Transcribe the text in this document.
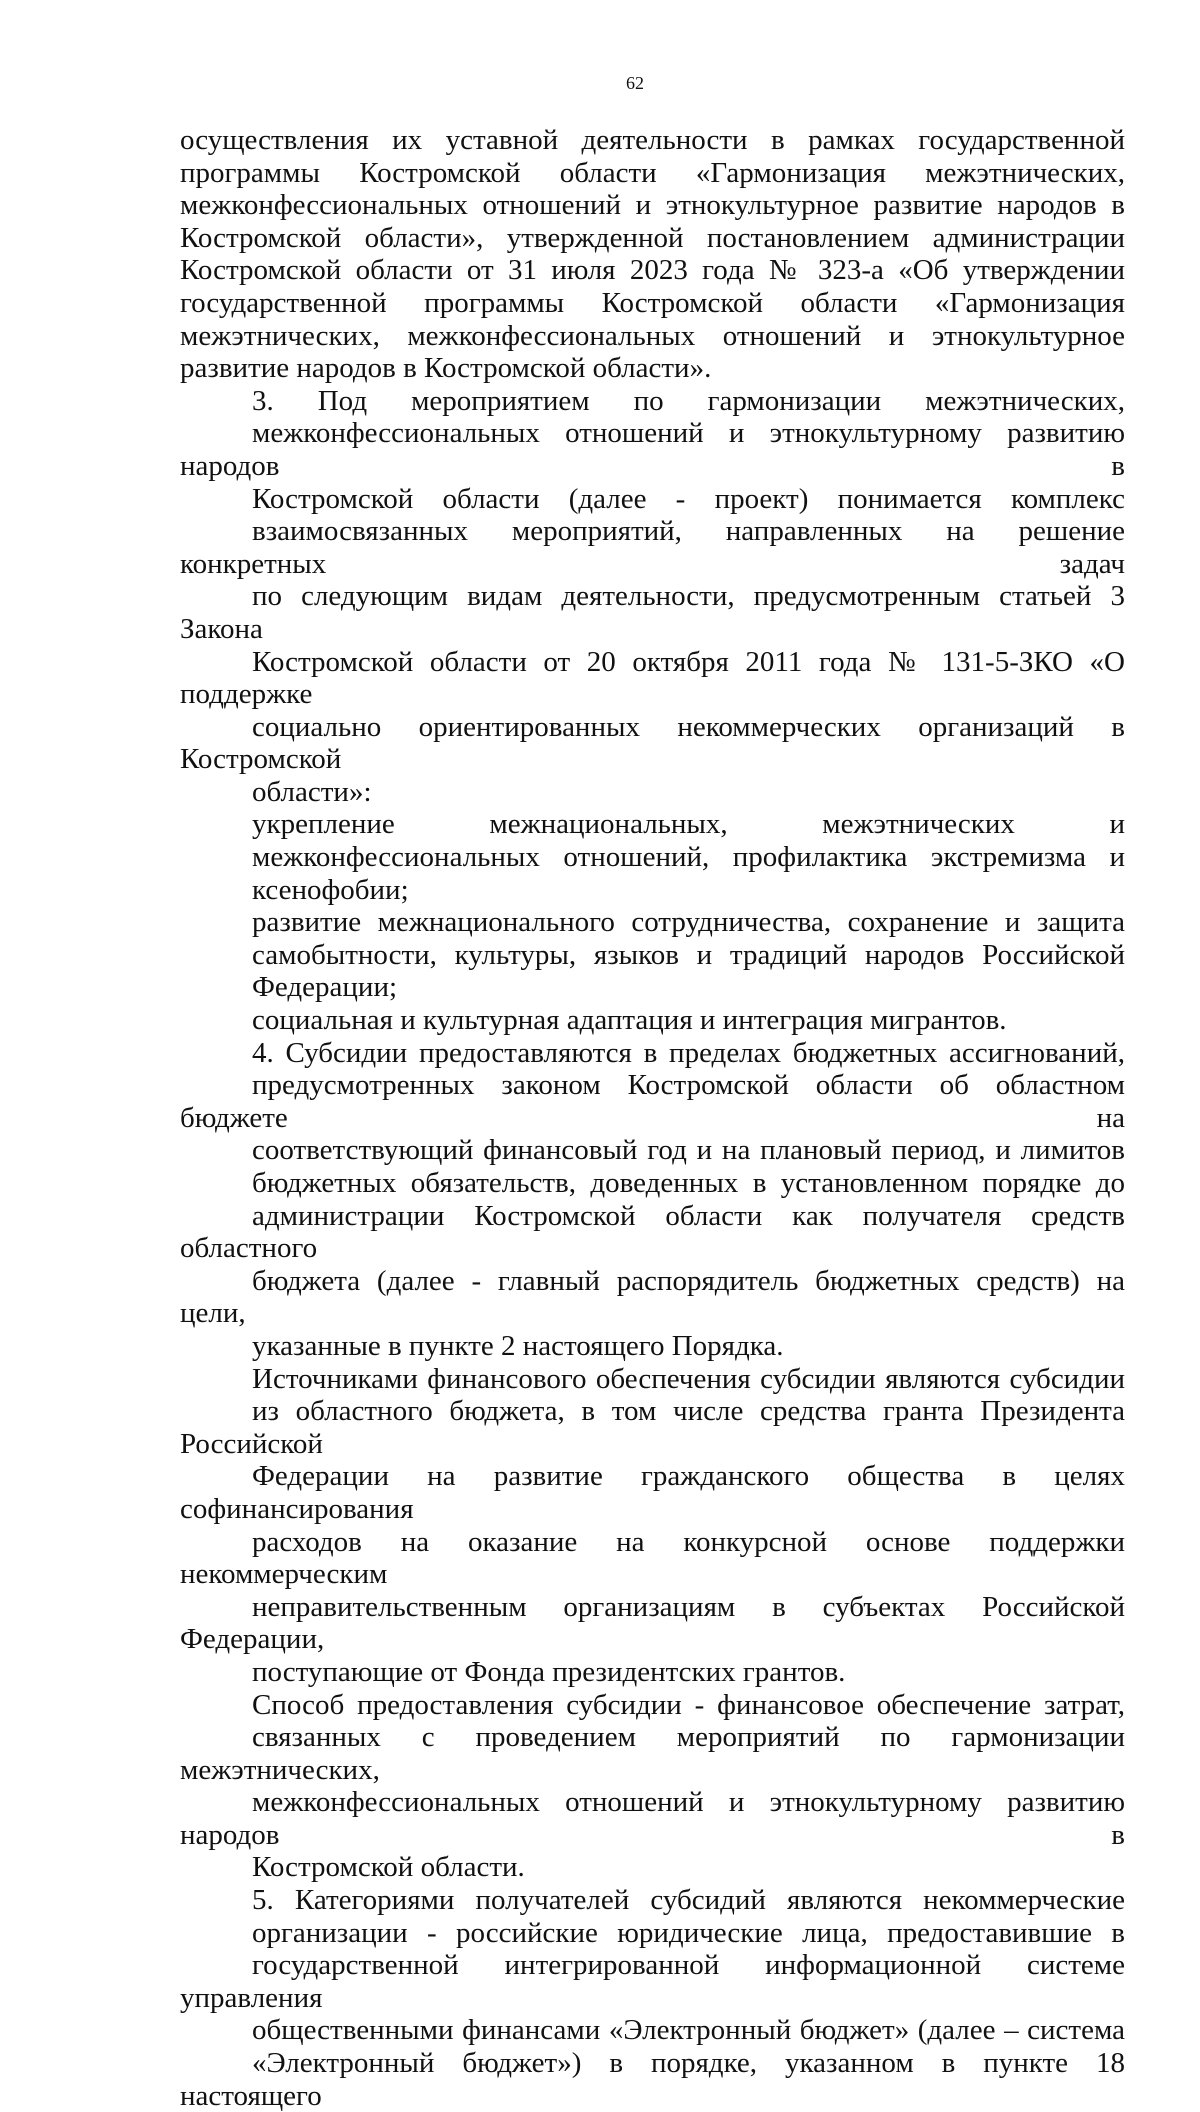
62
осуществления их уставной деятельности в рамках государственной
программы Костромской области «Гармонизация межэтнических,
межконфессиональных отношений и этнокультурное развитие народов в
Костромской области», утвержденной постановлением администрации
Костромской области от 31 июля 2023 года № 323-а «Об утверждении
государственной программы Костромской области «Гармонизация
межэтнических, межконфессиональных отношений и этнокультурное
развитие народов в Костромской области».
3. Под мероприятием по гармонизации межэтнических,
межконфессиональных отношений и этнокультурному развитию народов в
Костромской области (далее - проект) понимается комплекс
взаимосвязанных мероприятий, направленных на решение конкретных задач
по следующим видам деятельности, предусмотренным статьей 3 Закона
Костромской области от 20 октября 2011 года № 131-5-ЗКО «О поддержке
социально ориентированных некоммерческих организаций в Костромской
области»:
укрепление межнациональных, межэтнических и
межконфессиональных отношений, профилактика экстремизма и
ксенофобии;
развитие межнационального сотрудничества, сохранение и защита
самобытности, культуры, языков и традиций народов Российской
Федерации;
социальная и культурная адаптация и интеграция мигрантов.
4. Субсидии предоставляются в пределах бюджетных ассигнований,
предусмотренных законом Костромской области об областном бюджете на
соответствующий финансовый год и на плановый период, и лимитов
бюджетных обязательств, доведенных в установленном порядке до
администрации Костромской области как получателя средств областного
бюджета (далее - главный распорядитель бюджетных средств) на цели,
указанные в пункте 2 настоящего Порядка.
Источниками финансового обеспечения субсидии являются субсидии
из областного бюджета, в том числе средства гранта Президента Российской
Федерации на развитие гражданского общества в целях софинансирования
расходов на оказание на конкурсной основе поддержки некоммерческим
неправительственным организациям в субъектах Российской Федерации,
поступающие от Фонда президентских грантов.
Способ предоставления субсидии - финансовое обеспечение затрат,
связанных с проведением мероприятий по гармонизации межэтнических,
межконфессиональных отношений и этнокультурному развитию народов в
Костромской области.
5. Категориями получателей субсидий являются некоммерческие
организации - российские юридические лица, предоставившие в
государственной интегрированной информационной системе управления
общественными финансами «Электронный бюджет» (далее – система
«Электронный бюджет») в порядке, указанном в пункте 18 настоящего
